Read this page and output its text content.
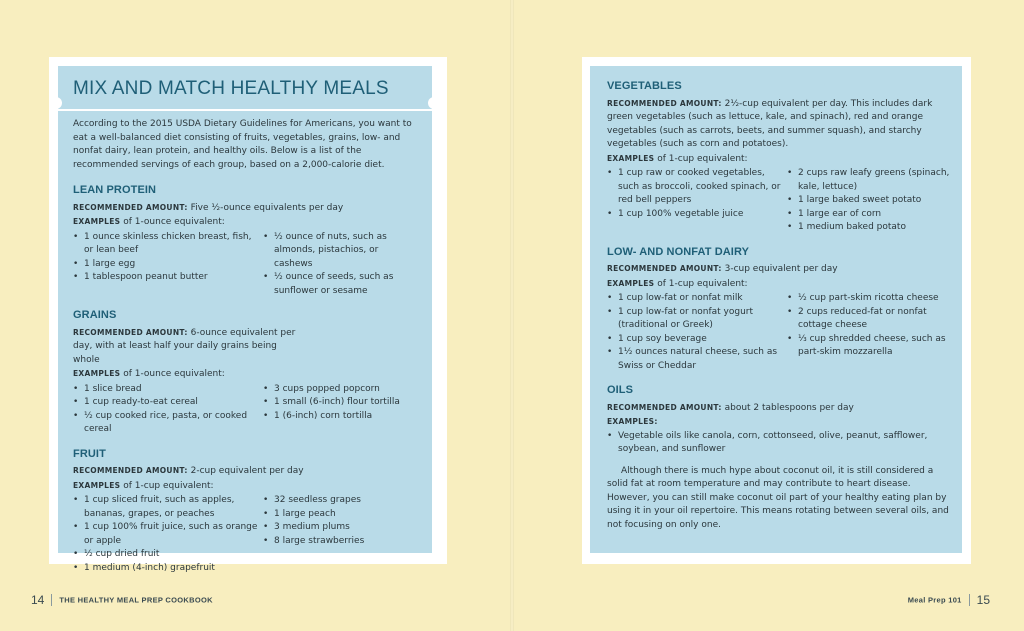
MIX AND MATCH HEALTHY MEALS

According to the 2015 USDA Dietary Guidelines for Americans, you want to eat a well-balanced diet consisting of fruits, vegetables, grains, low- and nonfat dairy, lean protein, and healthy oils. Below is a list of the recommended servings of each group, based on a 2,000-calorie diet.

LEAN PROTEIN
RECOMMENDED AMOUNT: Five ½-ounce equivalents per day
EXAMPLES of 1-ounce equivalent:
• 1 ounce skinless chicken breast, fish, or lean beef
• 1 large egg
• 1 tablespoon peanut butter
• ½ ounce of nuts, such as almonds, pistachios, or cashews
• ½ ounce of seeds, such as sunflower or sesame
GRAINS
RECOMMENDED AMOUNT: 6-ounce equivalent per day, with at least half your daily grains being whole
EXAMPLES of 1-ounce equivalent:
• 1 slice bread
• 1 cup ready-to-eat cereal
• ½ cup cooked rice, pasta, or cooked cereal
• 3 cups popped popcorn
• 1 small (6-inch) flour tortilla
• 1 (6-inch) corn tortilla
FRUIT
RECOMMENDED AMOUNT: 2-cup equivalent per day
EXAMPLES of 1-cup equivalent:
• 1 cup sliced fruit, such as apples, bananas, grapes, or peaches
• 1 cup 100% fruit juice, such as orange or apple
• ½ cup dried fruit
• 1 medium (4-inch) grapefruit
• 32 seedless grapes
• 1 large peach
• 3 medium plums
• 8 large strawberries
VEGETABLES
RECOMMENDED AMOUNT: 2½-cup equivalent per day. This includes dark green vegetables (such as lettuce, kale, and spinach), red and orange vegetables (such as carrots, beets, and summer squash), and starchy vegetables (such as corn and potatoes).
EXAMPLES of 1-cup equivalent:
• 1 cup raw or cooked vegetables, such as broccoli, cooked spinach, or red bell peppers
• 1 cup 100% vegetable juice
• 2 cups raw leafy greens (spinach, kale, lettuce)
• 1 large baked sweet potato
• 1 large ear of corn
• 1 medium baked potato
LOW- AND NONFAT DAIRY
RECOMMENDED AMOUNT: 3-cup equivalent per day
EXAMPLES of 1-cup equivalent:
• 1 cup low-fat or nonfat milk
• 1 cup low-fat or nonfat yogurt (traditional or Greek)
• 1 cup soy beverage
• 1½ ounces natural cheese, such as Swiss or Cheddar
• ½ cup part-skim ricotta cheese
• 2 cups reduced-fat or nonfat cottage cheese
• ⅓ cup shredded cheese, such as part-skim mozzarella
OILS
RECOMMENDED AMOUNT: about 2 tablespoons per day
EXAMPLES:
• Vegetable oils like canola, corn, cottonseed, olive, peanut, safflower, soybean, and sunflower

Although there is much hype about coconut oil, it is still considered a solid fat at room temperature and may contribute to heart disease. However, you can still make coconut oil part of your healthy eating plan by using it in your oil repertoire. This means rotating between several oils, and not focusing on only one.

14 THE HEALTHY MEAL PREP COOKBOOK	Meal Prep 101 15
